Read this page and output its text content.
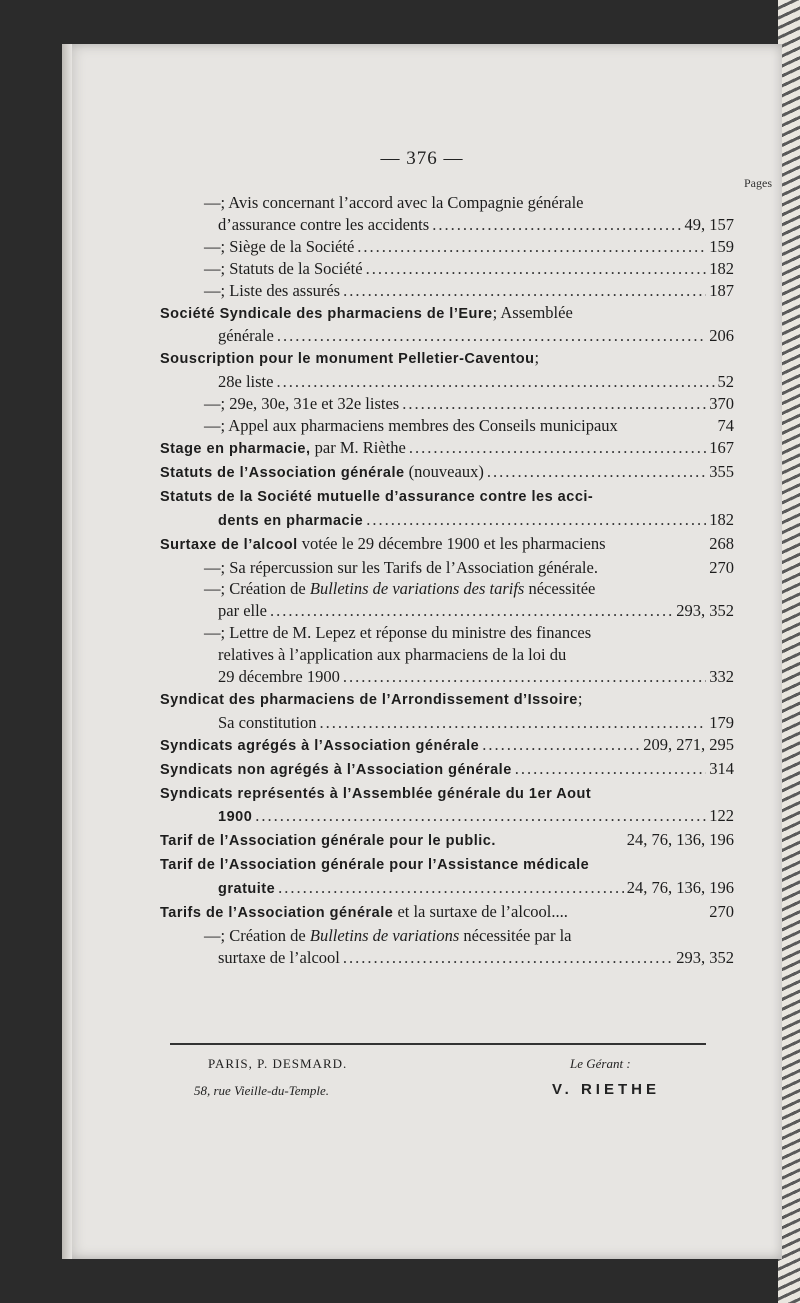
— 376 —
Pages
—; Avis concernant l’accord avec la Compagnie générale
d’assurance contre les accidents .....	49, 157
—; Siège de la Société .....	159
—; Statuts de la Société .....	182
—; Liste des assurés .....	187
Société Syndicale des pharmaciens de l’Eure; Assemblée
générale .....	206
Souscription pour le monument Pelletier-Caventou;
28e liste .....	52
—; 29e, 30e, 31e et 32e listes .....	370
—; Appel aux pharmaciens membres des Conseils municipaux	74
Stage en pharmacie, par M. Rièthe .....	167
Statuts de l’Association générale (nouveaux) .....	355
Statuts de la Société mutuelle d’assurance contre les acci-
dents en pharmacie .....	182
Surtaxe de l’alcool votée le 29 décembre 1900 et les pharmaciens	268
—; Sa répercussion sur les Tarifs de l’Association générale.	270
—; Création de Bulletins de variations des tarifs nécessitée
par elle .....	293, 352
—; Lettre de M. Lepez et réponse du ministre des finances
relatives à l’application aux pharmaciens de la loi du
29 décembre 1900 .....	332
Syndicat des pharmaciens de l’Arrondissement d’Issoire;
Sa constitution .....	179
Syndicats agrégés à l’Association générale .....	209, 271, 295
Syndicats non agrégés à l’Association générale .....	314
Syndicats représentés à l’Assemblée générale du 1er Aout
1900 .....	122
Tarif de l’Association générale pour le public.	24, 76, 136, 196
Tarif de l’Association générale pour l’Assistance médicale
gratuite .....	24, 76, 136, 196
Tarifs de l’Association générale et la surtaxe de l’alcool....	270
—; Création de Bulletins de variations nécessitée par la
surtaxe de l’alcool .....	293, 352
PARIS, P. DESMARD.
58, rue Vieille-du-Temple.
Le Gérant :
V. RIETHE
